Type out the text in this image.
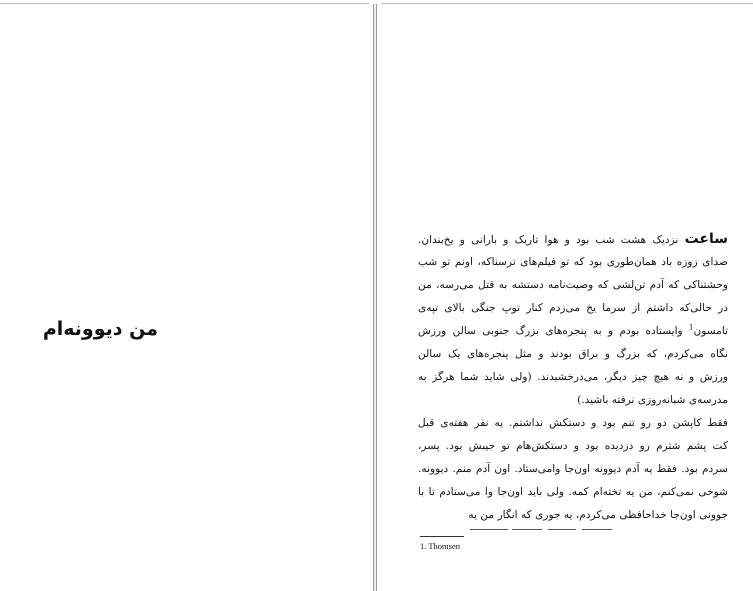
من دیوونه‌ام
ساعت نزدیک هشت شب بود و هوا تاریک و بارانی و یخ‌بندان.
صدای زوزه باد همان‌طوری بود که تو فیلم‌های ترسناکه، اونم تو شب
وحشتناکی که آدم تن‌لشی که وصیت‌نامه دستشه به قتل می‌رسه، من
در حالی‌که داشتم از سرما یخ می‌زدم کنار توپ جنگی بالای تپه‌ی
تامسون$^1$ وایستاده بودم و به پنجره‌های بزرگ جنوبی سالن ورزش
نگاه می‌کردم، که بزرگ و براق بودند و مثل پنجره‌های یک سالن
ورزش و نه هیچ چیز دیگر، می‌درخشیدند. (ولی شاید شما هرگز به
مدرسه‌ی شبانه‌روزی نرفته باشید.)
فقط کاپشن دو رو تنم بود و دستکش نداشتم. یه نفر هفته‌ی قبل
کت پشم شترم رو دزدیده بود و دستکش‌هام تو جیبش بود. پسر،
سردم بود. فقط یه آدم دیوونه اون‌جا وامی‌ستاد. اون آدم منم. دیوونه.
شوخی نمی‌کنم، من یه تخته‌ام کمه. ولی باید اون‌جا وا می‌ستادم تا با
جوونی اون‌جا خداحافظی می‌کردم، یه جوری که انگار من یه
1. Thomsen
